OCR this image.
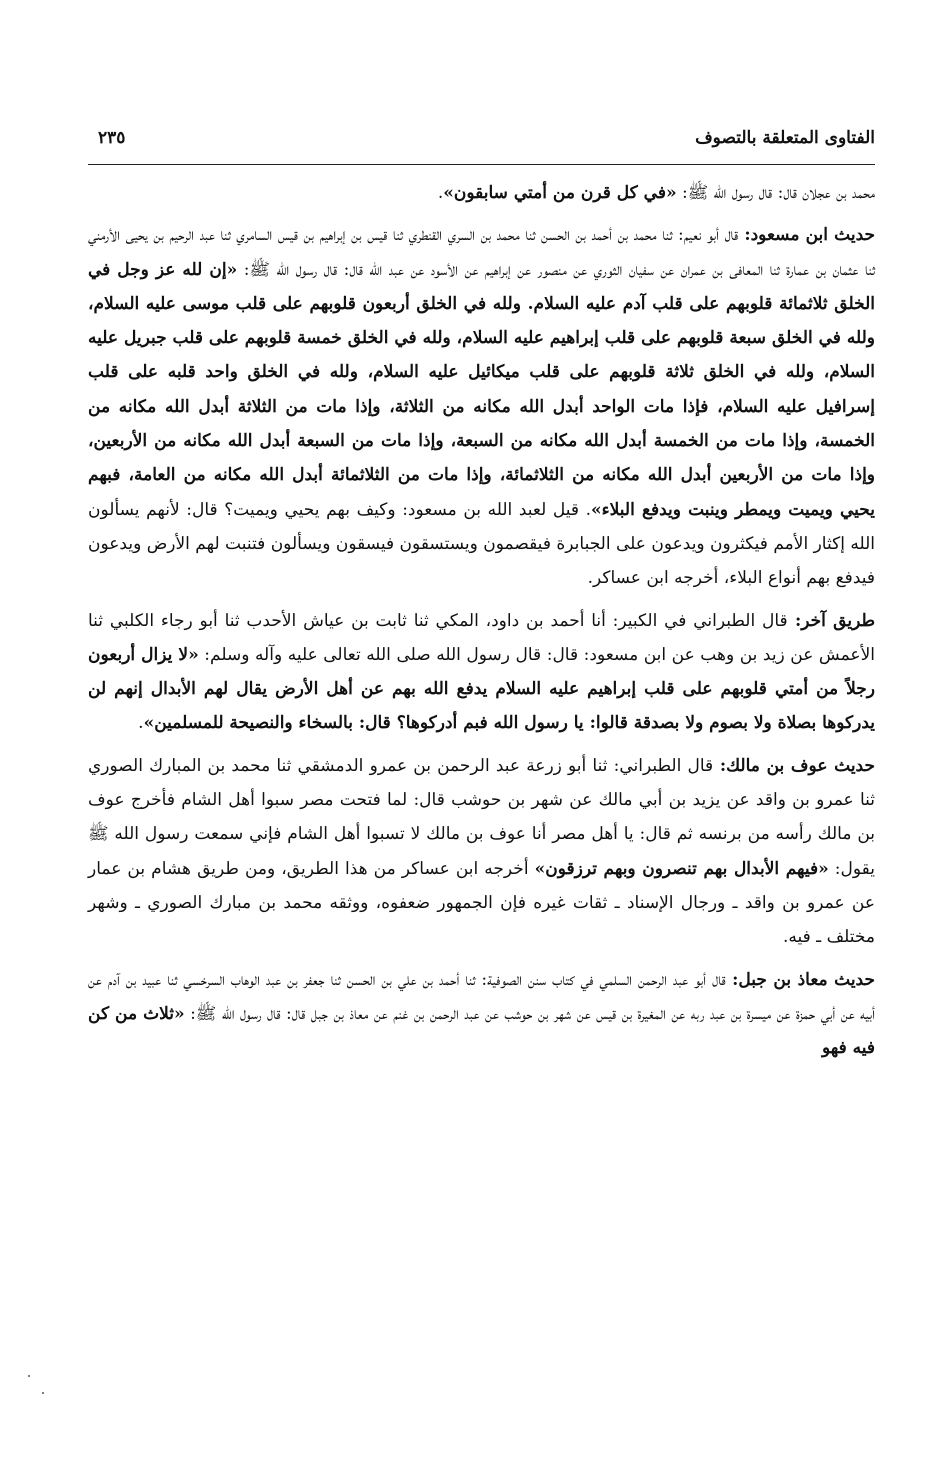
الفتاوى المتعلقة بالتصوف
٢٣٥

محمد بن عجلان قال: قال رسول الله ﷺ: «في كل قرن من أمتي سابقون».

حديث ابن مسعود: قال أبو نعيم: ثنا محمد بن أحمد بن الحسن ثنا محمد بن السري القنطري ثنا قيس بن إبراهيم بن قيس السامري ثنا عبد الرحيم بن يحيى الأرمني ثنا عثمان بن عمارة ثنا المعافى بن عمران عن سفيان الثوري عن منصور عن إبراهيم عن الأسود عن عبد الله قال: قال رسول الله ﷺ: «إن لله عز وجل في الخلق ثلاثمائة قلوبهم على قلب آدم عليه السلام. ولله في الخلق أربعون قلوبهم على قلب موسى عليه السلام، ولله في الخلق سبعة قلوبهم على قلب إبراهيم عليه السلام، ولله في الخلق خمسة قلوبهم على قلب جبريل عليه السلام، ولله في الخلق ثلاثة قلوبهم على قلب ميكائيل عليه السلام، ولله في الخلق واحد قلبه على قلب إسرافيل عليه السلام، فإذا مات الواحد أبدل الله مكانه من الثلاثة، وإذا مات من الثلاثة أبدل الله مكانه من الخمسة، وإذا مات من الخمسة أبدل الله مكانه من السبعة، وإذا مات من السبعة أبدل الله مكانه من الأربعين، وإذا مات من الأربعين أبدل الله مكانه من الثلاثمائة، وإذا مات من الثلاثمائة أبدل الله مكانه من العامة، فبهم يحيي ويميت ويمطر وينبت ويدفع البلاء». قيل لعبد الله بن مسعود: وكيف بهم يحيي ويميت؟ قال: لأنهم يسألون الله إكثار الأمم فيكثرون ويدعون على الجبابرة فيقصمون ويستسقون فيسقون ويسألون فتنبت لهم الأرض ويدعون فيدفع بهم أنواع البلاء، أخرجه ابن عساكر.

طريق آخر: قال الطبراني في الكبير: أنا أحمد بن داود، المكي ثنا ثابت بن عياش الأحدب ثنا أبو رجاء الكلبي ثنا الأعمش عن زيد بن وهب عن ابن مسعود: قال: قال رسول الله صلى الله تعالى عليه وآله وسلم: «لا يزال أربعون رجلاً من أمتي قلوبهم على قلب إبراهيم عليه السلام يدفع الله بهم عن أهل الأرض يقال لهم الأبدال إنهم لن يدركوها بصلاة ولا بصوم ولا بصدقة قالوا: يا رسول الله فبم أدركوها؟ قال: بالسخاء والنصيحة للمسلمين».

حديث عوف بن مالك: قال الطبراني: ثنا أبو زرعة عبد الرحمن بن عمرو الدمشقي ثنا محمد بن المبارك الصوري ثنا عمرو بن واقد عن يزيد بن أبي مالك عن شهر بن حوشب قال: لما فتحت مصر سبوا أهل الشام فأخرج عوف بن مالك رأسه من برنسه ثم قال: يا أهل مصر أنا عوف بن مالك لا تسبوا أهل الشام فإني سمعت رسول الله ﷺ يقول: «فيهم الأبدال بهم تنصرون وبهم ترزقون» أخرجه ابن عساكر من هذا الطريق، ومن طريق هشام بن عمار عن عمرو بن واقد ـ ورجال الإسناد ـ ثقات غيره فإن الجمهور ضعفوه، ووثقه محمد بن مبارك الصوري ـ وشهر مختلف ـ فيه.

حديث معاذ بن جبل: قال أبو عبد الرحمن السلمي في كتاب سنن الصوفية: ثنا أحمد بن علي بن الحسن ثنا جعفر بن عبد الوهاب السرخسي ثنا عبيد بن آدم عن أبيه عن أبي حمزة عن ميسرة بن عبد ربه عن المغيرة بن قيس عن شهر بن حوشب عن عبد الرحمن بن غنم عن معاذ بن جبل قال: قال رسول الله ﷺ: «ثلاث من كن فيه فهو
